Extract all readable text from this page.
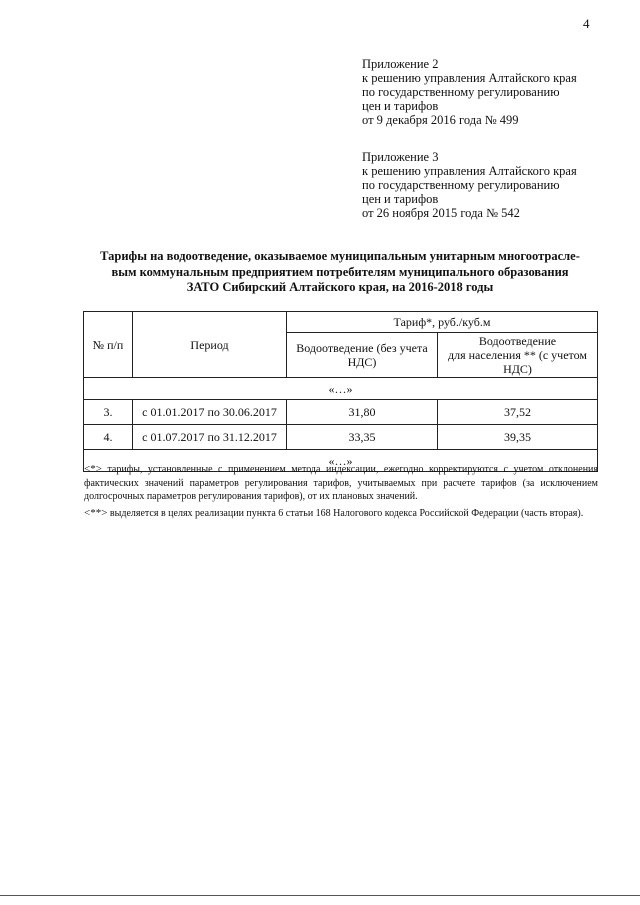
4
Приложение 2
к решению управления Алтайского края
по государственному регулированию
цен и тарифов
от 9 декабря 2016 года № 499
Приложение 3
к решению управления Алтайского края
по государственному регулированию
цен и тарифов
от 26 ноября 2015 года № 542
Тарифы на водоотведение, оказываемое муниципальным унитарным многоотрасле-
вым коммунальным предприятием потребителям муниципального образования
ЗАТО Сибирский Алтайского края, на 2016-2018 годы
№ п/п	Период	Тариф*, руб./куб.м	
		Водоотведение (без учета НДС)	Водоотведение
для населения ** (с учетом НДС)

«…»			
3.	с 01.01.2017 по 30.06.2017	31,80	37,52
4.	с 01.07.2017 по 31.12.2017	33,35	39,35
«…»			

<*> тарифы, установленные с применением метода индексации, ежегодно корректируются с учетом отклонения фактических значений параметров регулирования тарифов, учитываемых при расчете тарифов (за исключением долгосрочных параметров регулирования тарифов), от их плановых значений.

<**> выделяется в целях реализации пункта 6 статьи 168 Налогового кодекса Российской Федерации (часть вторая).
